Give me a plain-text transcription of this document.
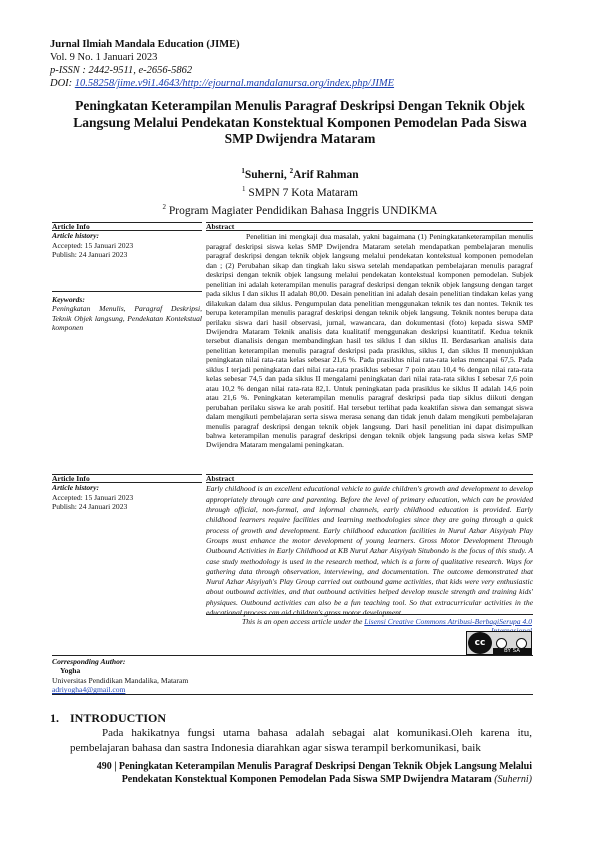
Jurnal Ilmiah Mandala Education (JIME)
Vol. 9 No. 1 Januari 2023
p-ISSN : 2442-9511, e-2656-5862
DOI: 10.58258/jime.v9i1.4643/http://ejournal.mandalanursa.org/index.php/JIME
Peningkatan Keterampilan Menulis Paragraf Deskripsi Dengan Teknik Objek Langsung Melalui Pendekatan Konstektual Komponen Pemodelan Pada Siswa SMP Dwijendra Mataram
$^1$Suherni, $^2$Arif Rahman
$^1$ SMPN 7 Kota Mataram
$^2$ Program Magiater Pendidikan Bahasa Inggris UNDIKMA
Article Info
Article history:
Accepted: 15 Januari 2023
Publish: 24 Januari 2023
Keywords:
Peningkatan Menulis, Paragraf Deskripsi, Teknik Objek langsung, Pendekatan Kontekstual komponen
Abstract
Penelitian ini mengkaji dua masalah, yakni bagaimana (1) Peningkatanketerampilan menulis paragraf deskripsi siswa kelas SMP Dwijendra Mataram setelah mendapatkan pembelajaran menulis paragraf deskripsi dengan teknik objek langsung melalui pendekatan kontekstual komponen pemodelan dan ; (2) Perubahan sikap dan tingkah laku siswa setelah mendapatkan pembelajaran menulis paragraf deskripsi dengan teknik objek langsung melalui pendekatan kontekstual komponen pemodelan. Subjek penelitian ini adalah keterampilan menulis paragraf deskripsi dengan teknik objek langsung dengan target pada siklus I dan siklus II adalah 80,00. Desain penelitian ini adalah desain penelitian tindakan kelas yang dilakukan dalam dua siklus. Pengumpulan data penelitian menggunakan teknik tes dan nontes. Teknik tes berupa keterampilan menulis paragraf deskripsi dengan teknik objek langsung. Teknik nontes berupa data perilaku siswa dari hasil observasi, jurnal, wawancara, dan dokumentasi (foto) kepada siswa SMP Dwijendra Mataram Teknik analisis data kualitatif menggunakan deskripsi kuantitatif. Kedua teknik tersebut dianalisis dengan membandingkan hasil tes siklus I dan siklus II. Berdasarkan analisis data penelitian keterampilan menulis paragraf deskripsi pada prasiklus, siklus I, dan siklus II menunjukkan peningkatan nilai rata-rata kelas sebesar 21,6 %. Pada prasiklus nilai rata-rata kelas mencapai 67,5. Pada siklus I terjadi peningkatan dari nilai rata-rata prasiklus sebesar 7 poin atau 10,4 % dengan nilai rata-rata kelas sebesar 74,5 dan pada siklus II mengalami peningkatan dari nilai rata-rata siklus I sebesar 7,6 poin atau 10,2 % dengan nilai rata-rata 82,1. Untuk peningkatan pada prasiklus ke siklus II adalah 14,6 poin atau 21,6 %. Peningkatan keterampilan menulis paragraf deskripsi pada tiap siklus diikuti dengan perubahan perilaku siswa ke arah positif. Hal tersebut terlihat pada keaktifan siswa dan semangat siswa dalam mengikuti pembelajaran serta siswa merasa senang dan tidak jenuh dalam mengikuti pembelajaran menulis paragraf deskripsi dengan teknik objek langsung. Dari hasil penelitian ini dapat disimpulkan bahwa keterampilan menulis paragraf deskripsi dengan teknik objek langsung pada siswa kelas SMP Dwijendra Mataram mengalami peningkatan.
Article Info
Article history:
Accepted: 15 Januari 2023
Publish: 24 Januari 2023
Abstract
Early childhood is an excellent educational vehicle to guide children's growth and development to develop appropriately through care and parenting. Before the level of primary education, which can be provided through official, non-formal, and informal channels, early childhood education is provided. Early childhood learners require facilities and learning methodologies since they are going through a quick process of growth and development. Early childhood education facilities in Nurul Azhar Aisyiyah Play Groups must enhance the motor development of young learners. Gross Motor Development Through Outbound Activities in Early Childhood at KB Nurul Azhar Aisyiyah Situbondo is the focus of this study. A case study methodology is used in the research method, which is a form of qualitative research. Ways for gathering data through observation, interviewing, and documentation. The outcome demonstrated that Nurul Azhar Aisyiyah's Play Group carried out outbound game activities, that kids were very enthusiastic about outbound activities, and that outbound activities helped develop muscle strength and training kids' physiques. Outbound activities can also be a fun teaching tool. So that extracurricular activities in the educational process can aid children's gross motor development.
This is an open access article under the Lisensi Creative Commons Atribusi-BerbagiSerupa 4.0
cc
BY SA
Corresponding Author:
Yogha
Universitas Pendidikan Mandalika, Mataram
adriyogha4@gmail.com
1. INTRODUCTION
Pada hakikatnya fungsi utama bahasa adalah sebagai alat komunikasi.Oleh karena itu, pembelajaran bahasa dan sastra Indonesia diarahkan agar siswa terampil berkomunikasi, baik
490 | Peningkatan Keterampilan Menulis Paragraf Deskripsi Dengan Teknik Objek Langsung Melalui Pendekatan Konstektual Komponen Pemodelan Pada Siswa SMP Dwijendra Mataram (Suherni)
